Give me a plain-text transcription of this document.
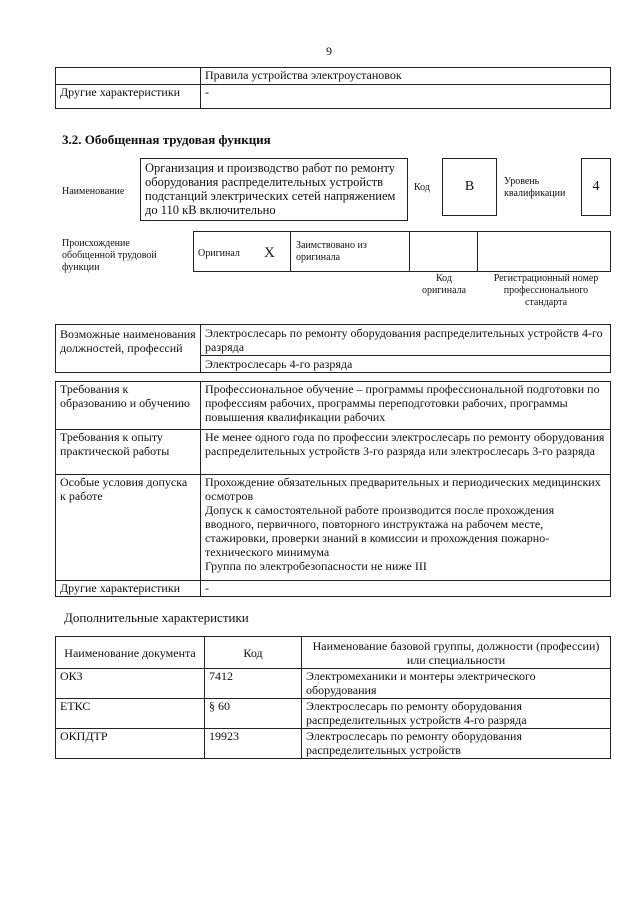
9
	Правила устройства электроустановок
Другие характеристики	-
3.2. Обобщенная трудовая функция
Наименование
Организация и производство работ по ремонту оборудования распределительных устройств подстанций электрических сетей напряжением до 110 кВ включительно
Код	В	Уровень квалификации	4
Происхождение обобщенной трудовой функции
Оригинал X Заимствовано из оригинала
Код оригинала
Регистрационный номер профессионального стандарта
Возможные наименования должностей, профессий	
Электрослесарь по ремонту оборудования распределительных устройств 4-го разряда
Электрослесарь 4-го разряда
Требования к образованию и обучению	Профессиональное обучение – программы профессиональной подготовки по профессиям рабочих, программы переподготовки рабочих, программы повышения квалификации рабочих
Требования к опыту практической работы	Не менее одного года по профессии электрослесарь по ремонту оборудования распределительных устройств 3-го разряда или электрослесарь 3-го разряда
Особые условия допуска к работе	Прохождение обязательных предварительных и периодических медицинских осмотров
Допуск к самостоятельной работе производится после прохождения вводного, первичного, повторного инструктажа на рабочем месте, стажировки, проверки знаний в комиссии и прохождения пожарно-технического минимума
Группа по электробезопасности не ниже III

Другие характеристики	-
Дополнительные характеристики
Наименование документа	Код	Наименование базовой группы, должности (профессии) или специальности
ОКЗ	7412	Электромеханики и монтеры электрического оборудования
ЕТКС	§ 60	Электрослесарь по ремонту оборудования распределительных устройств 4-го разряда
ОКПДТР	19923	Электрослесарь по ремонту оборудования распределительных устройств
